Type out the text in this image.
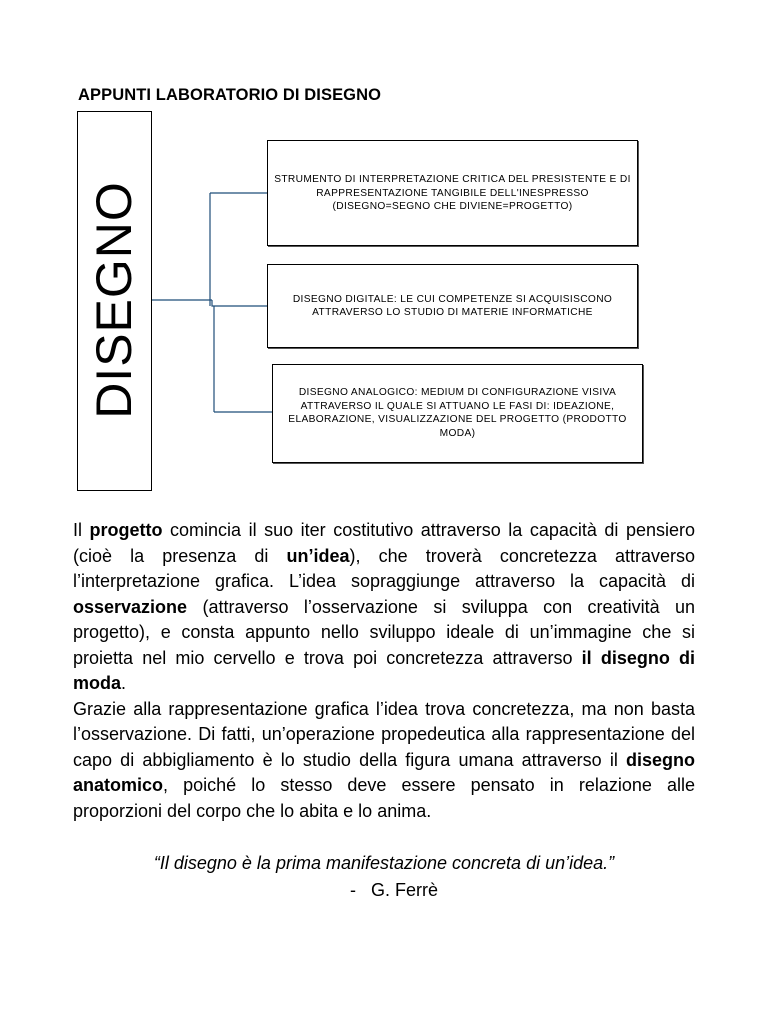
APPUNTI LABORATORIO DI DISEGNO
DISEGNO
STRUMENTO DI INTERPRETAZIONE CRITICA DEL PRESISTENTE E DI RAPPRESENTAZIONE TANGIBILE DELL'INESPRESSO (DISEGNO=SEGNO CHE DIVIENE=PROGETTO)
DISEGNO DIGITALE: LE CUI COMPETENZE SI ACQUISISCONO ATTRAVERSO LO STUDIO DI MATERIE INFORMATICHE
DISEGNO ANALOGICO: MEDIUM DI CONFIGURAZIONE VISIVA ATTRAVERSO IL QUALE SI ATTUANO LE FASI DI: IDEAZIONE, ELABORAZIONE, VISUALIZZAZIONE DEL PROGETTO (PRODOTTO MODA)

Il progetto comincia il suo iter costitutivo attraverso la capacità di pensiero (cioè la presenza di un’idea), che troverà concretezza attraverso l’interpretazione grafica. L’idea sopraggiunge attraverso la capacità di osservazione (attraverso l’osservazione si sviluppa con creatività un progetto), e consta appunto nello sviluppo ideale di un’immagine che si proietta nel mio cervello e trova poi concretezza attraverso il disegno di moda.

Grazie alla rappresentazione grafica l’idea trova concretezza, ma non basta l’osservazione. Di fatti, un’operazione propedeutica alla rappresentazione del capo di abbigliamento è lo studio della figura umana attraverso il disegno anatomico, poiché lo stesso deve essere pensato in relazione alle proporzioni del corpo che lo abita e lo anima.

“Il disegno è la prima manifestazione concreta di un’idea.”
- G. Ferrè
